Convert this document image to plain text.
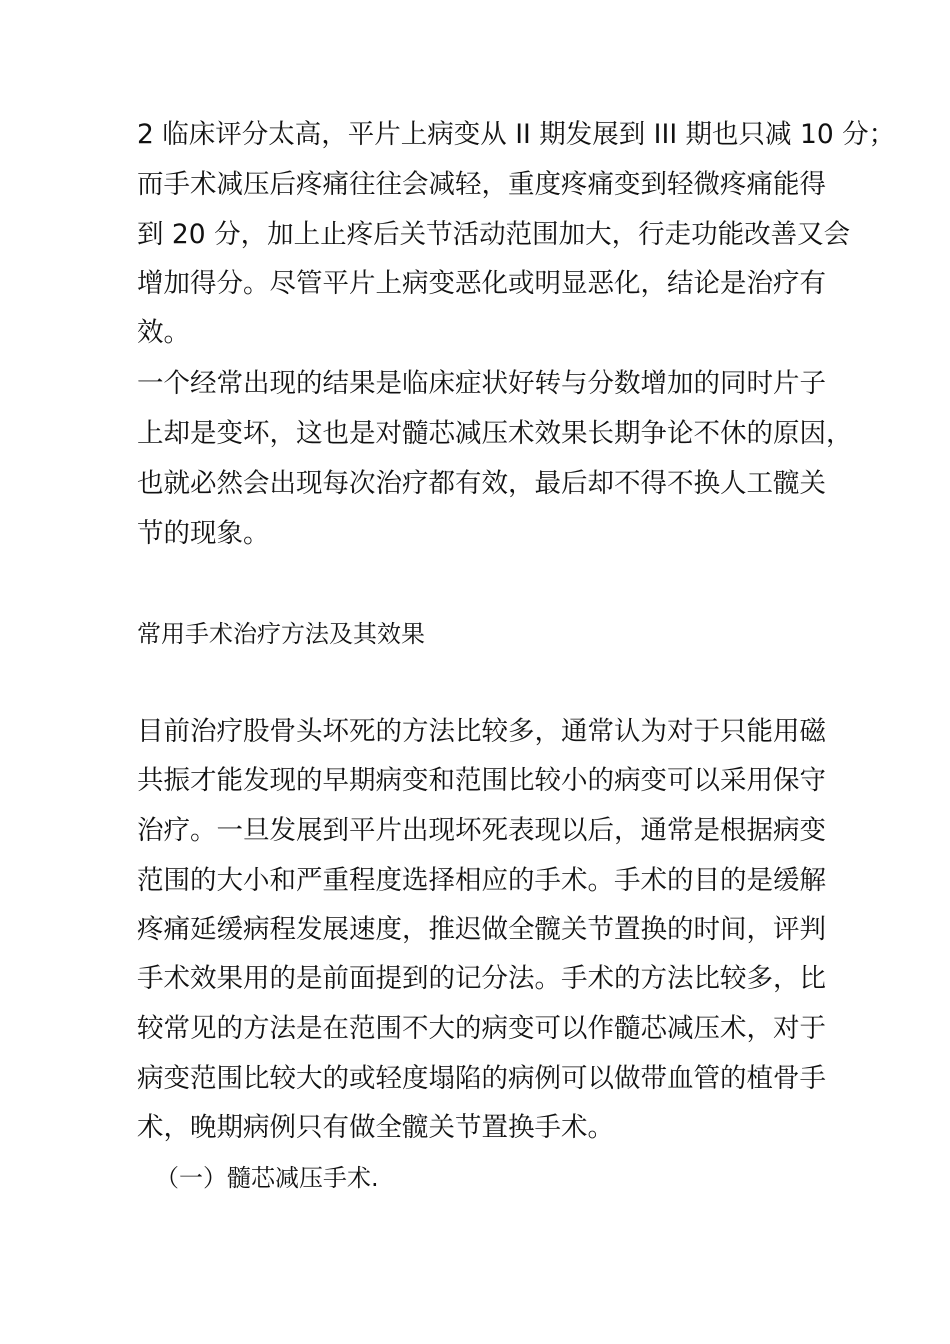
2 临床评分太高，平片上病变从 II 期发展到 III 期也只减 10 分；
而手术减压后疼痛往往会减轻，重度疼痛变到轻微疼痛能得
到 20 分，加上止疼后关节活动范围加大，行走功能改善又会
增加得分。尽管平片上病变恶化或明显恶化，结论是治疗有
效。
一个经常出现的结果是临床症状好转与分数增加的同时片子
上却是变坏，这也是对髓芯减压术效果长期争论不休的原因，
也就必然会出现每次治疗都有效，最后却不得不换人工髋关
节的现象。
常用手术治疗方法及其效果
目前治疗股骨头坏死的方法比较多，通常认为对于只能用磁
共振才能发现的早期病变和范围比较小的病变可以采用保守
治疗。一旦发展到平片出现坏死表现以后，通常是根据病变
范围的大小和严重程度选择相应的手术。手术的目的是缓解
疼痛延缓病程发展速度，推迟做全髋关节置换的时间，评判
手术效果用的是前面提到的记分法。手术的方法比较多，比
较常见的方法是在范围不大的病变可以作髓芯减压术，对于
病变范围比较大的或轻度塌陷的病例可以做带血管的植骨手
术，晚期病例只有做全髋关节置换手术。
（一）髓芯减压手术.
